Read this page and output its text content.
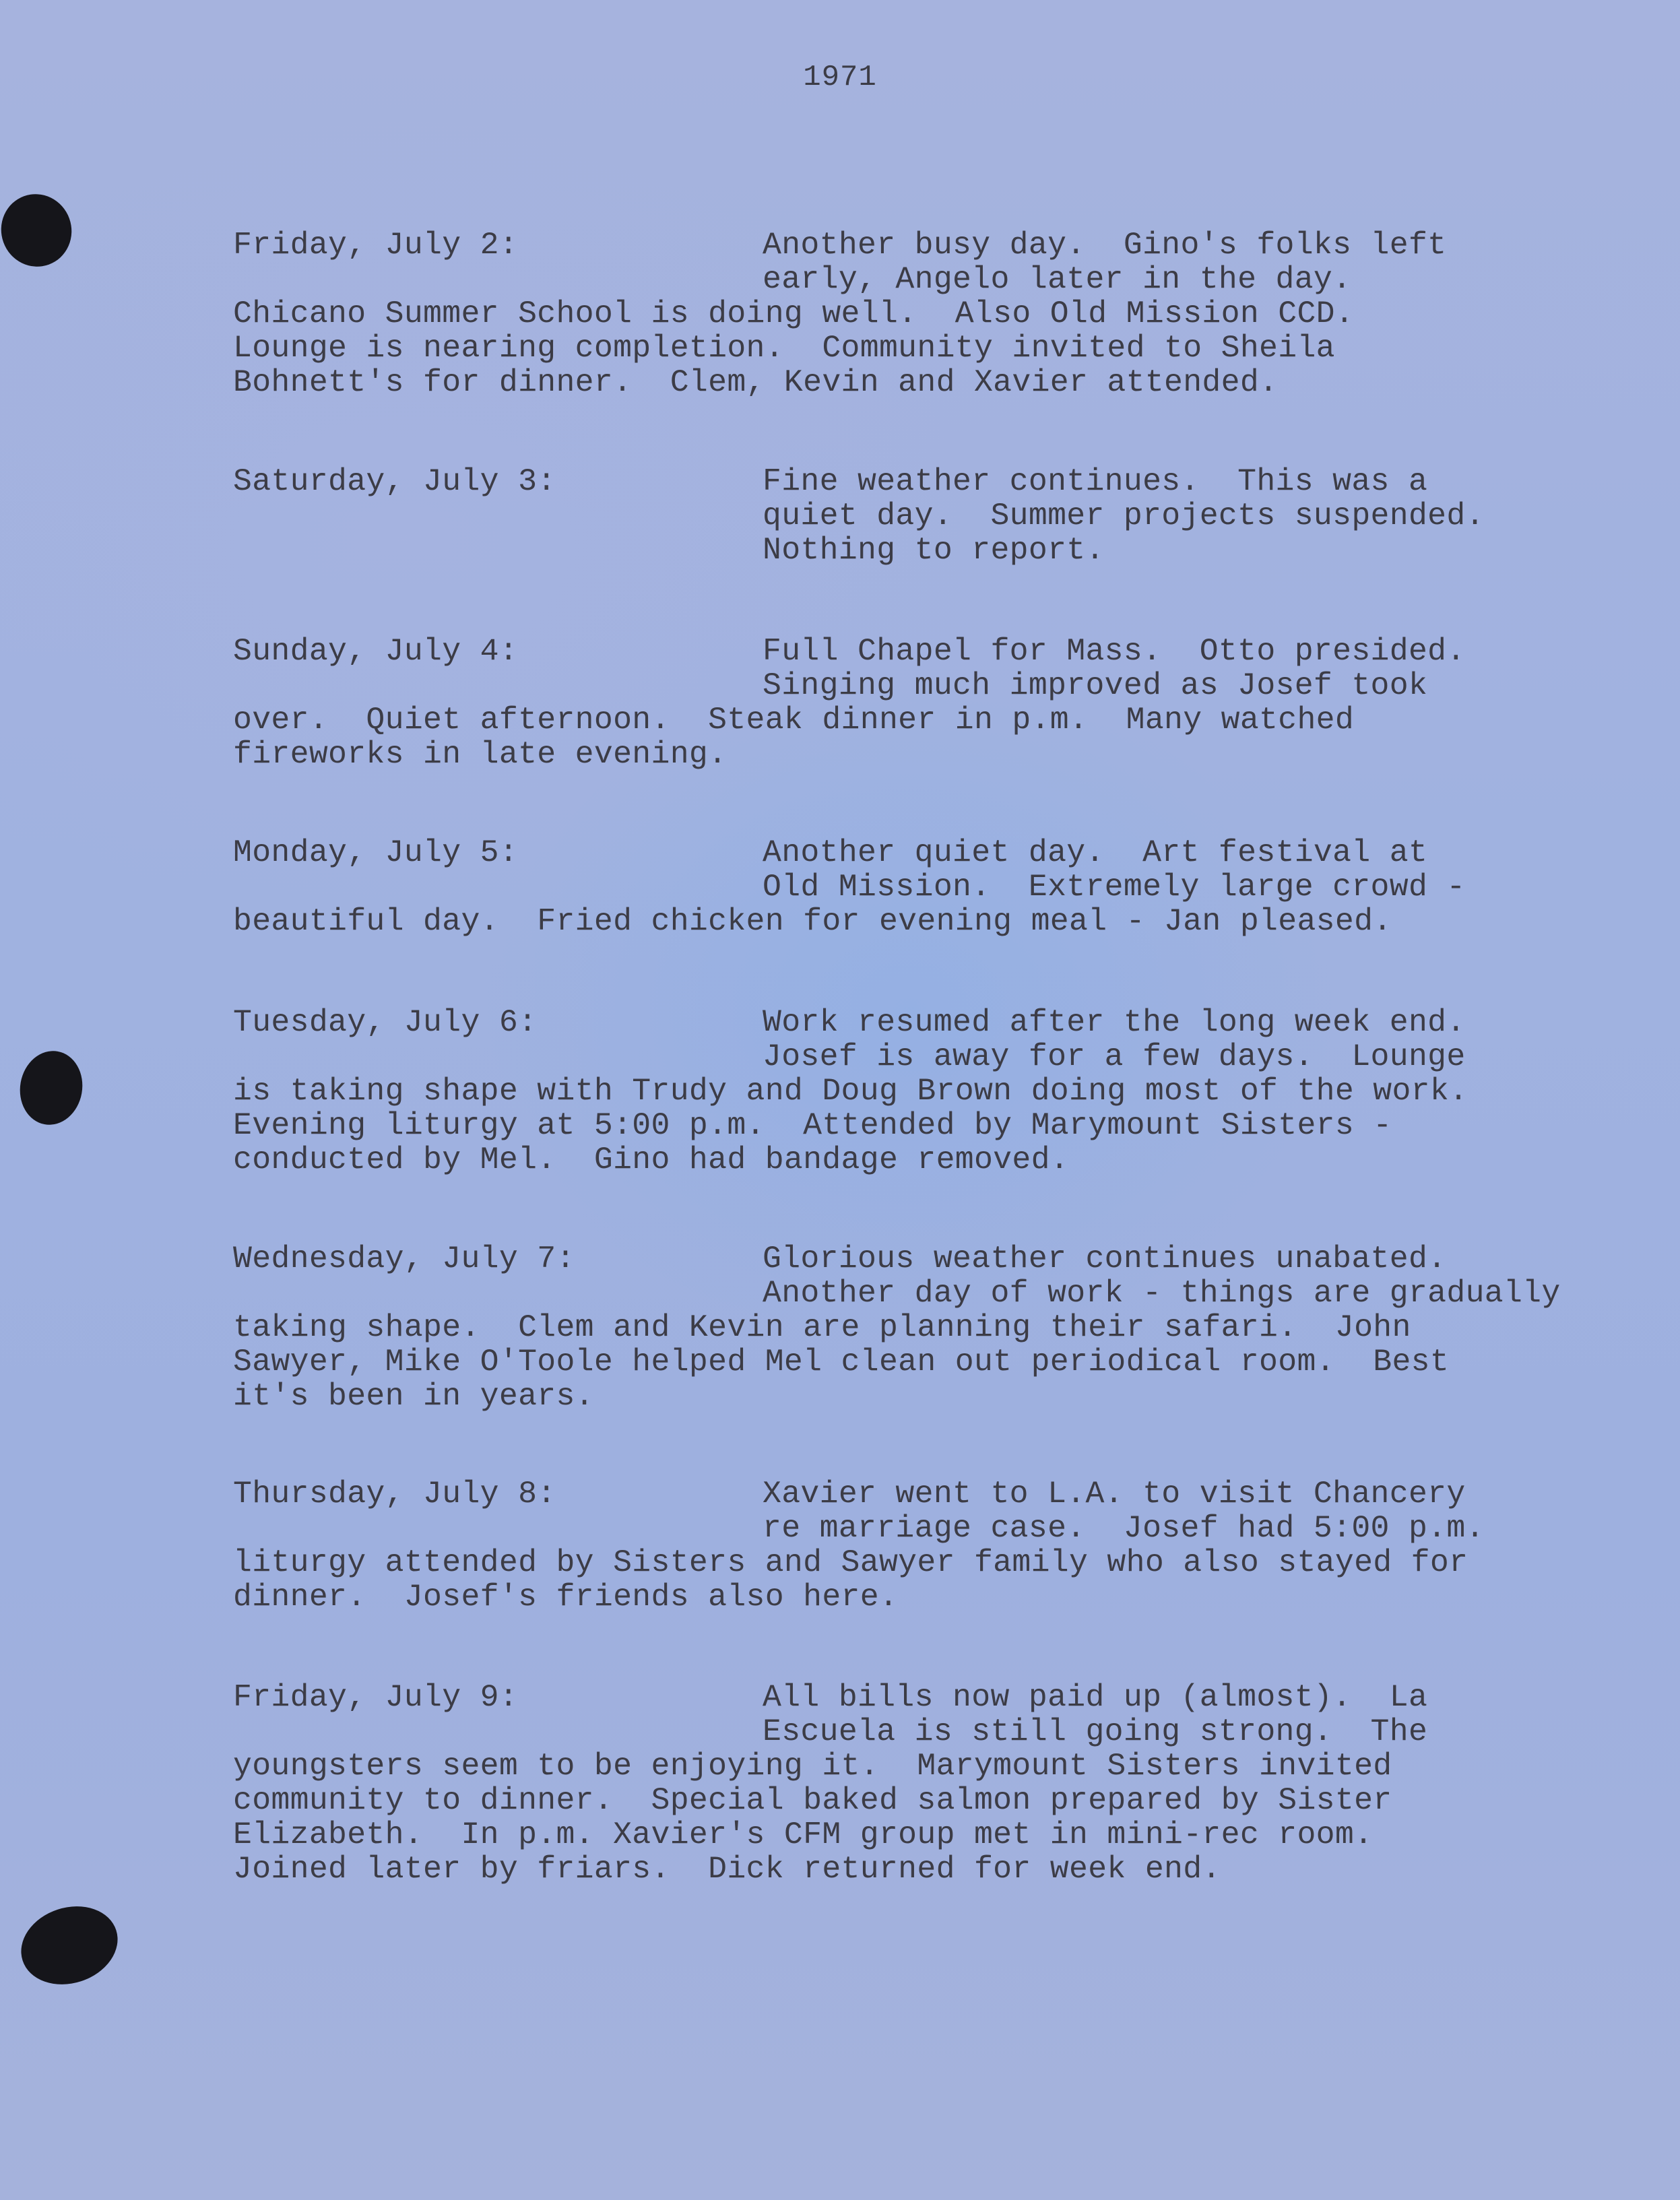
1971
Friday, July 2:	Another busy day.  Gino's folks left
early, Angelo later in the day.
Chicano Summer School is doing well.  Also Old Mission CCD.
Lounge is nearing completion.  Community invited to Sheila
Bohnett's for dinner.  Clem, Kevin and Xavier attended.
Saturday, July 3:	Fine weather continues.  This was a
quiet day.  Summer projects suspended.
Nothing to report.
Sunday, July 4:	Full Chapel for Mass.  Otto presided.
Singing much improved as Josef took
over.  Quiet afternoon.  Steak dinner in p.m.  Many watched
fireworks in late evening.
Monday, July 5:	Another quiet day.  Art festival at
Old Mission.  Extremely large crowd -
beautiful day.  Fried chicken for evening meal - Jan pleased.
Tuesday, July 6:	Work resumed after the long week end.
Josef is away for a few days.  Lounge
is taking shape with Trudy and Doug Brown doing most of the work.
Evening liturgy at 5:00 p.m.  Attended by Marymount Sisters -
conducted by Mel.  Gino had bandage removed.
Wednesday, July 7:	Glorious weather continues unabated.
Another day of work - things are gradually
taking shape.  Clem and Kevin are planning their safari.  John
Sawyer, Mike O'Toole helped Mel clean out periodical room.  Best
it's been in years.
Thursday, July 8:	Xavier went to L.A. to visit Chancery
re marriage case.  Josef had 5:00 p.m.
liturgy attended by Sisters and Sawyer family who also stayed for
dinner.  Josef's friends also here.
Friday, July 9:	All bills now paid up (almost).  La
Escuela is still going strong.  The
youngsters seem to be enjoying it.  Marymount Sisters invited
community to dinner.  Special baked salmon prepared by Sister
Elizabeth.  In p.m. Xavier's CFM group met in mini-rec room.
Joined later by friars.  Dick returned for week end.
